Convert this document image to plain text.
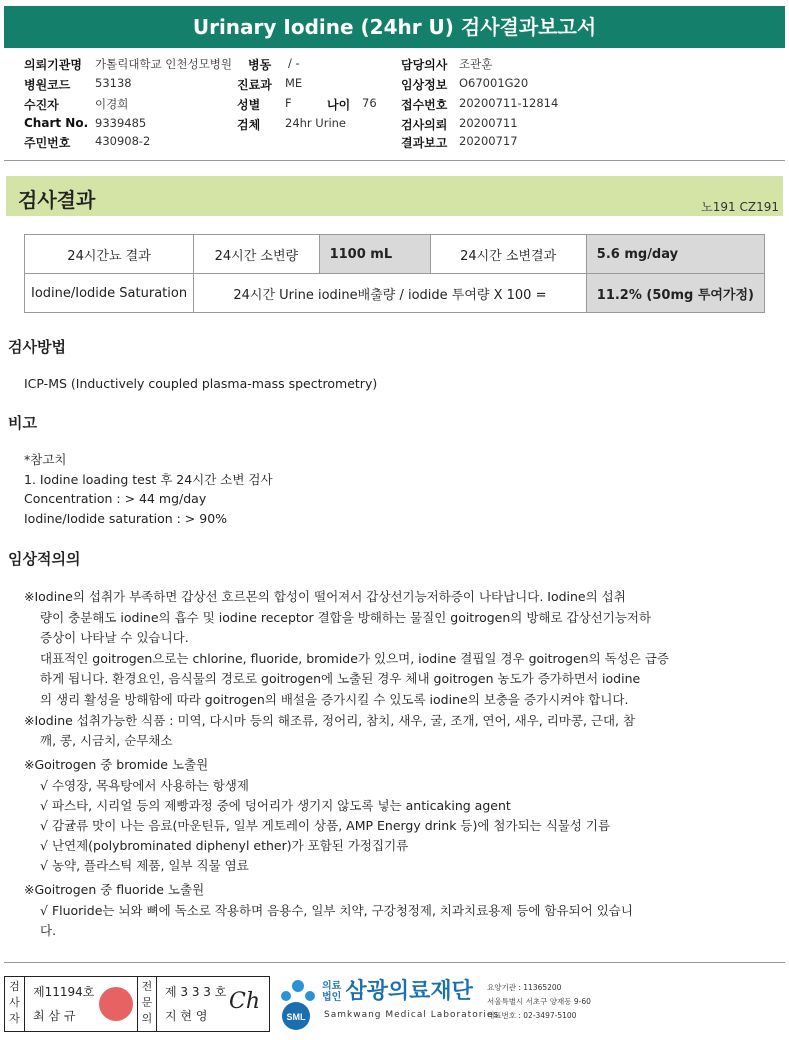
Urinary Iodine (24hr U) 검사결과보고서
의뢰기관명 가톨릭대학교 인천성모병원 병동 / -	담당의사 조관훈
병원코드 53138	진료과 ME	임상정보 O67001G20
수진자	이경희	성별 F	나이 76 접수번호 20200711-12814
Chart No. 9339485	검체 24hr Urine	검사의뢰 20200711
주민번호 430908-2	결과보고 20200717
검사결과	노191 CZ191
24시간뇨 결과	24시간 소변량	1100 mL	24시간 소변결과	5.6 mg/day
Iodine/Iodide Saturation	24시간 Urine iodine배출량 / iodide 투여량 X 100 =			11.2% (50mg 투여가정)
검사방법
ICP-MS (Inductively coupled plasma-mass spectrometry)
비고
*참고치
1. Iodine loading test 후 24시간 소변 검사
Concentration : > 44 mg/day
Iodine/Iodide saturation : > 90%
임상적의의
※Iodine의 섭취가 부족하면 갑상선 호르몬의 합성이 떨어져서 갑상선기능저하증이 나타납니다. Iodine의 섭취
량이 충분해도 iodine의 흡수 및 iodine receptor 결합을 방해하는 물질인 goitrogen의 방해로 갑상선기능저하
증상이 나타날 수 있습니다.
대표적인 goitrogen으로는 chlorine, fluoride, bromide가 있으며, iodine 결핍일 경우 goitrogen의 독성은 급증
하게 됩니다. 환경요인, 음식물의 경로로 goitrogen에 노출된 경우 체내 goitrogen 농도가 증가하면서 iodine
의 생리 활성을 방해함에 따라 goitrogen의 배설을 증가시킬 수 있도록 iodine의 보충을 증가시켜야 합니다.
※Iodine 섭취가능한 식품 : 미역, 다시마 등의 해조류, 정어리, 참치, 새우, 굴, 조개, 연어, 새우, 리마콩, 근대, 참
깨, 콩, 시금치, 순무채소
※Goitrogen 중 bromide 노출원
√ 수영장, 목욕탕에서 사용하는 항생제
√ 파스타, 시리얼 등의 제빵과정 중에 덩어리가 생기지 않도록 넣는 anticaking agent
√ 감귤류 맛이 나는 음료(마운틴듀, 일부 게토레이 상품, AMP Energy drink 등)에 첨가되는 식물성 기름
√ 난연제(polybrominated diphenyl ether)가 포함된 가정집기류
√ 농약, 플라스틱 제품, 일부 직물 염료
※Goitrogen 중 fluoride 노출원
√ Fluoride는 뇌와 뼈에 독소로 작용하며 음용수, 일부 치약, 구강청정제, 치과치료용제 등에 함유되어 있습니
다.
검사자
제11194호
최 삼 규
전문의
제 3 3 3 호
지 현 영
Ch
SML
의료
법인 삼광의료재단
Samkwang Medical Laboratories
요양기관 : 11365200
서울특별시 서초구 양재동 9-60
대표번호 : 02-3497-5100
